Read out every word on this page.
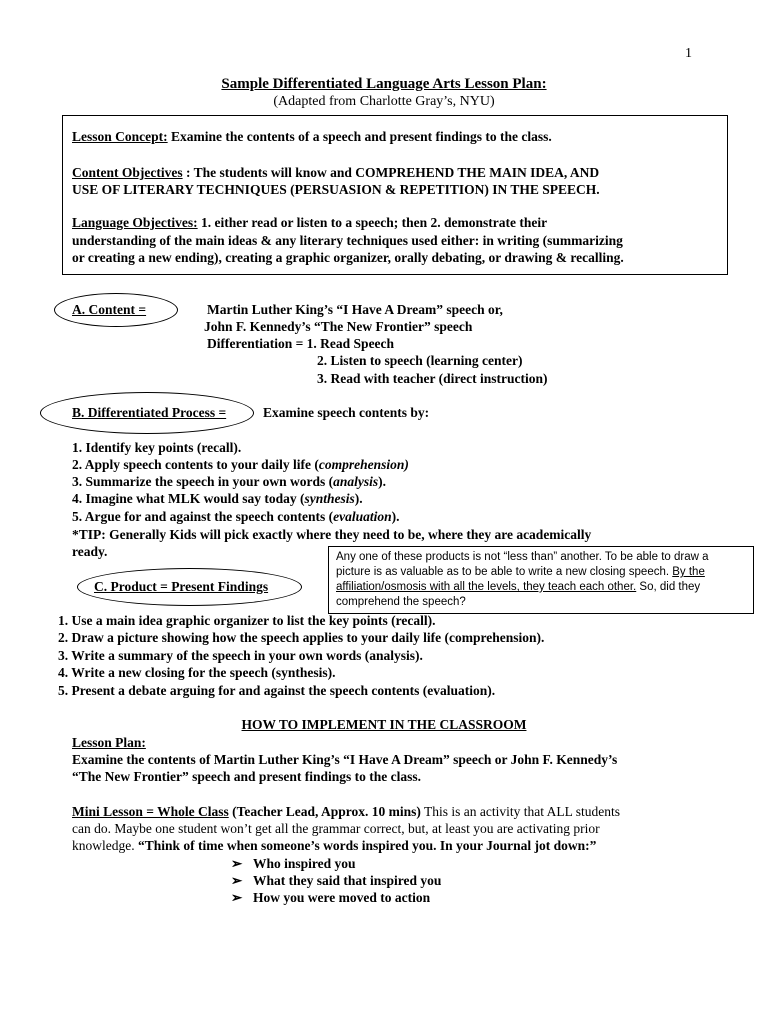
1
Sample Differentiated Language Arts Lesson Plan:
(Adapted from Charlotte Gray’s, NYU)
Lesson Concept: Examine the contents of a speech and present findings to the class.
Content Objectives : The students will know and COMPREHEND THE MAIN IDEA, AND
USE OF LITERARY TECHNIQUES (PERSUASION & REPETITION) IN THE SPEECH.
Language Objectives: 1. either read or listen to a speech; then 2. demonstrate their
understanding of the main ideas & any literary techniques used either: in writing (summarizing
or creating a new ending), creating a graphic organizer, orally debating, or drawing & recalling.
A. Content =	Martin Luther King’s “I Have A Dream” speech or,
John F. Kennedy’s “The New Frontier” speech
Differentiation = 1. Read Speech
2. Listen to speech (learning center)
3. Read with teacher (direct instruction)
B. Differentiated Process =	Examine speech contents by:
1. Identify key points (recall).
2. Apply speech contents to your daily life (comprehension)
3. Summarize the speech in your own words (analysis).
4. Imagine what MLK would say today (synthesis).
5. Argue for and against the speech contents (evaluation).
*TIP: Generally Kids will pick exactly where they need to be, where they are academically
ready.
C. Product = Present Findings
Any one of these products is not “less than” another. To be able to draw a picture is as valuable as to be able to write a new closing speech. By the affiliation/osmosis with all the levels, they teach each other. So, did they comprehend the speech?
1. Use a main idea graphic organizer to list the key points (recall).
2. Draw a picture showing how the speech applies to your daily life (comprehension).
3. Write a summary of the speech in your own words (analysis).
4. Write a new closing for the speech (synthesis).
5. Present a debate arguing for and against the speech contents (evaluation).
HOW TO IMPLEMENT IN THE CLASSROOM
Lesson Plan:
Examine the contents of Martin Luther King’s “I Have A Dream” speech or John F. Kennedy’s
“The New Frontier” speech and present findings to the class.
Mini Lesson = Whole Class (Teacher Lead, Approx. 10 mins) This is an activity that ALL students
can do. Maybe one student won’t get all the grammar correct, but, at least you are activating prior
knowledge. “Think of time when someone’s words inspired you. In your Journal jot down:”
➢ Who inspired you
➢ What they said that inspired you
➢ How you were moved to action
